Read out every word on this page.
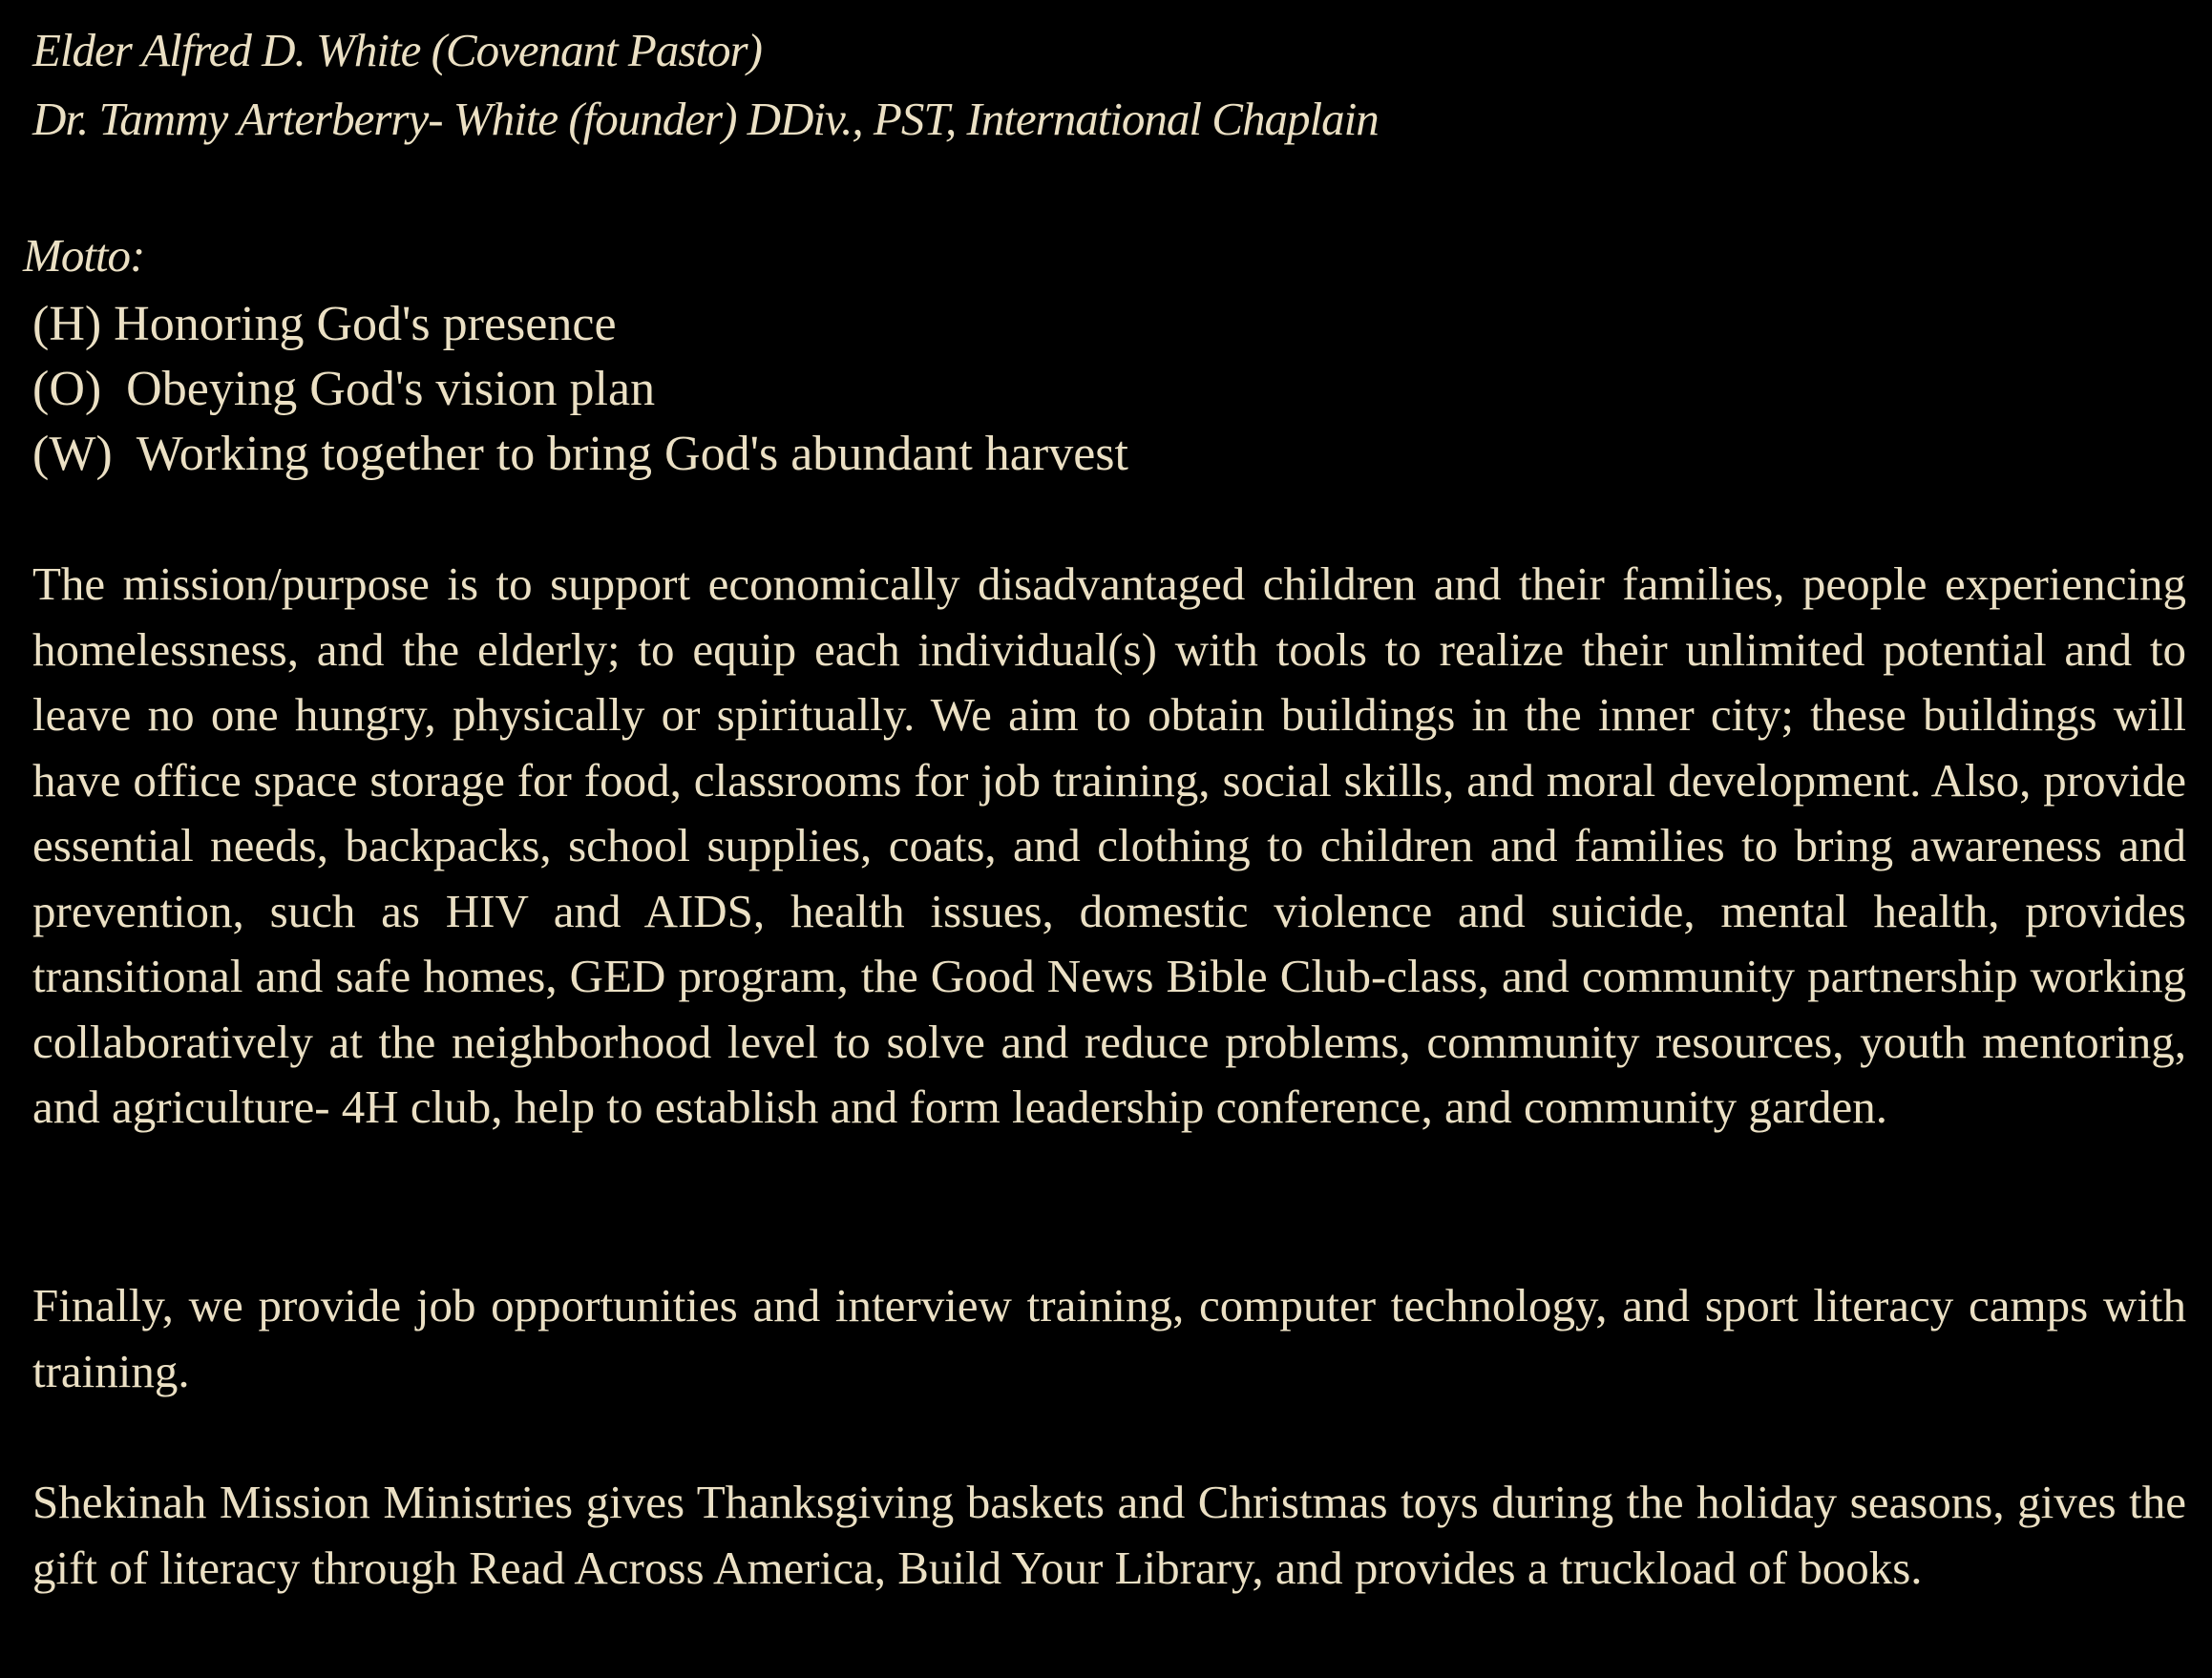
Elder Alfred D. White (Covenant Pastor)

Dr. Tammy Arterberry- White (founder) DDiv., PST, International Chaplain

Motto:

(H) Honoring God's presence
(O)  Obeying God's vision plan
(W)  Working together to bring God's abundant harvest

The mission/purpose is to support economically disadvantaged children and their families, people experiencing homelessness, and the elderly; to equip each individual(s) with tools to realize their unlimited potential and to leave no one hungry, physically or spiritually. We aim to obtain buildings in the inner city; these buildings will have office space storage for food, classrooms for job training, social skills, and moral development. Also, provide essential needs, backpacks, school supplies, coats, and clothing to children and families to bring awareness and prevention, such as HIV and AIDS, health issues, domestic violence and suicide, mental health, provides transitional and safe homes, GED program, the Good News Bible Club-class, and community partnership working collaboratively at the neighborhood level to solve and reduce problems, community resources, youth mentoring, and agriculture- 4H club, help to establish and form leadership conference, and community garden.

Finally, we provide job opportunities and interview training, computer technology, and sport literacy camps with training.

Shekinah Mission Ministries gives Thanksgiving baskets and Christmas toys during the holiday seasons, gives the gift of literacy through Read Across America, Build Your Library, and provides a truckload of books.
